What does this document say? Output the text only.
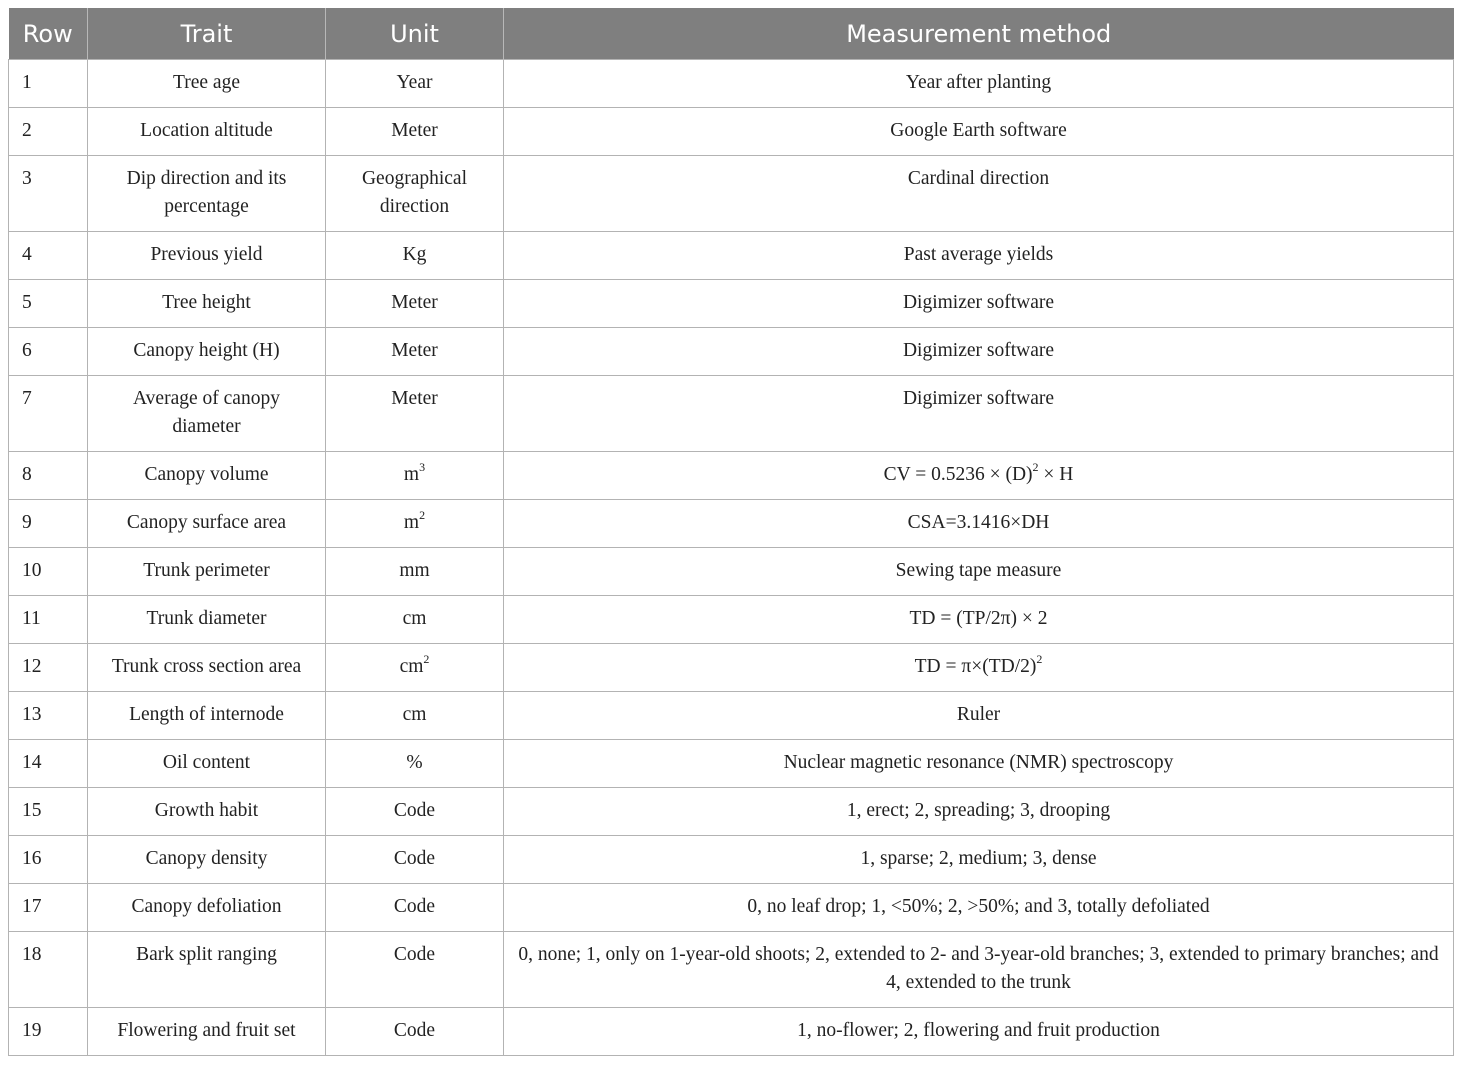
Row	Trait	Unit	Measurement method
1	Tree age	Year	Year after planting
2	Location altitude	Meter	Google Earth software
3	Dip direction and its percentage	Geographical direction	Cardinal direction
4	Previous yield	Kg	Past average yields
5	Tree height	Meter	Digimizer software
6	Canopy height (H)	Meter	Digimizer software
7	Average of canopy diameter	Meter	Digimizer software
8	Canopy volume	$m^3$	CV = $0.5236 \times (D)^2 \times H$
9	Canopy surface area	$m^2$	CSA=3.1416×DH
10	Trunk perimeter	mm	Sewing tape measure
11	Trunk diameter	cm	TD = (TP/2π) × 2
12	Trunk cross section area	$cm^2$	TD = $\pi\times(TD/2)^2$
13	Length of internode	cm	Ruler
14	Oil content	%	Nuclear magnetic resonance (NMR) spectroscopy
15	Growth habit	Code	1, erect; 2, spreading; 3, drooping
16	Canopy density	Code	1, sparse; 2, medium; 3, dense
17	Canopy defoliation	Code	0, no leaf drop; 1, <50%; 2, >50%; and 3, totally defoliated
18	Bark split ranging	Code	0, none; 1, only on 1-year-old shoots; 2, extended to 2- and 3-year-old branches; 3, extended to primary branches; and 4, extended to the trunk
19	Flowering and fruit set	Code	1, no-flower; 2, flowering and fruit production
